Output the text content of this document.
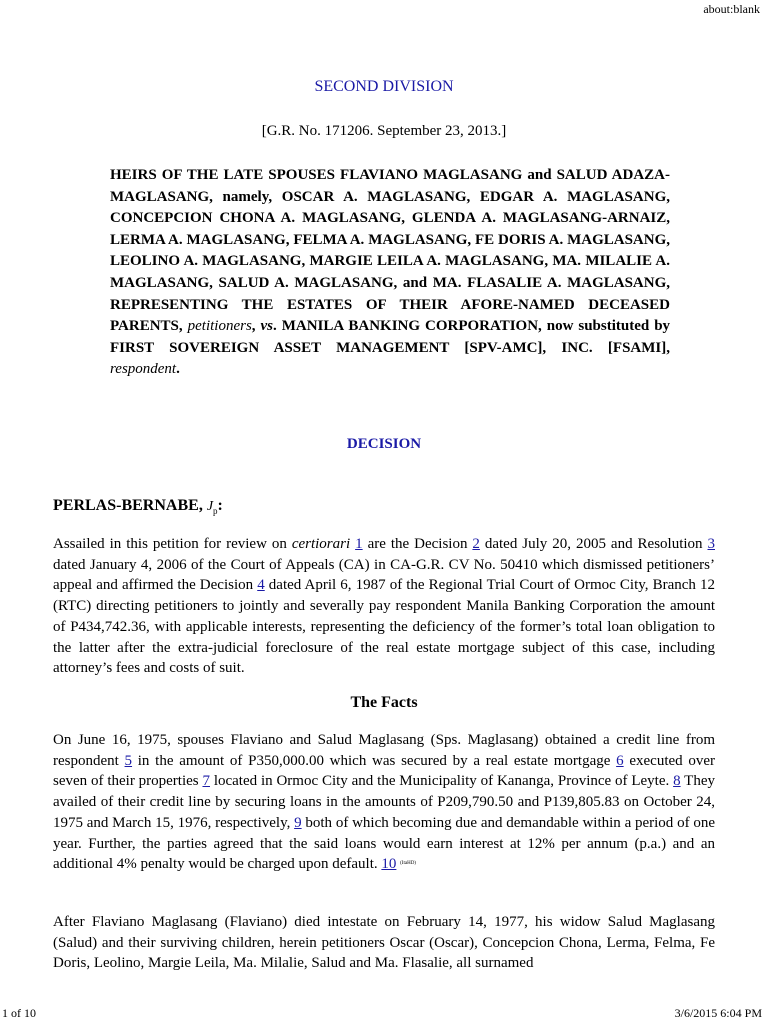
about:blank
SECOND DIVISION
[G.R. No. 171206. September 23, 2013.]
HEIRS OF THE LATE SPOUSES FLAVIANO MAGLASANG and SALUD ADAZA-MAGLASANG, namely, OSCAR A. MAGLASANG, EDGAR A. MAGLASANG, CONCEPCION CHONA A. MAGLASANG, GLENDA A. MAGLASANG-ARNAIZ, LERMA A. MAGLASANG, FELMA A. MAGLASANG, FE DORIS A. MAGLASANG, LEOLINO A. MAGLASANG, MARGIE LEILA A. MAGLASANG, MA. MILALIE A. MAGLASANG, SALUD A. MAGLASANG, and MA. FLASALIE A. MAGLASANG, REPRESENTING THE ESTATES OF THEIR AFORE-NAMED DECEASED PARENTS, petitioners, vs. MANILA BANKING CORPORATION, now substituted by FIRST SOVEREIGN ASSET MANAGEMENT [SPV-AMC], INC. [FSAMI], respondent.
DECISION
PERLAS-BERNABE, $J_p$:

Assailed in this petition for review on certiorari 1 are the Decision 2 dated July 20, 2005 and Resolution 3 dated January 4, 2006 of the Court of Appeals (CA) in CA-G.R. CV No. 50410 which dismissed petitioners’ appeal and affirmed the Decision 4 dated April 6, 1987 of the Regional Trial Court of Ormoc City, Branch 12 (RTC) directing petitioners to jointly and severally pay respondent Manila Banking Corporation the amount of P434,742.36, with applicable interests, representing the deficiency of the former’s total loan obligation to the latter after the extra-judicial foreclosure of the real estate mortgage subject of this case, including attorney’s fees and costs of suit.

The Facts

On June 16, 1975, spouses Flaviano and Salud Maglasang (Sps. Maglasang) obtained a credit line from respondent 5 in the amount of P350,000.00 which was secured by a real estate mortgage 6 executed over seven of their properties 7 located in Ormoc City and the Municipality of Kananga, Province of Leyte. 8 They availed of their credit line by securing loans in the amounts of P209,790.50 and P139,805.83 on October 24, 1975 and March 15, 1976, respectively, 9 both of which becoming due and demandable within a period of one year. Further, the parties agreed that the said loans would earn interest at 12% per annum (p.a.) and an additional 4% penalty would be charged upon default. 10 (ItaHD)

After Flaviano Maglasang (Flaviano) died intestate on February 14, 1977, his widow Salud Maglasang (Salud) and their surviving children, herein petitioners Oscar (Oscar), Concepcion Chona, Lerma, Felma, Fe Doris, Leolino, Margie Leila, Ma. Milalie, Salud and Ma. Flasalie, all surnamed

1 of 10	3/6/2015 6:04 PM
